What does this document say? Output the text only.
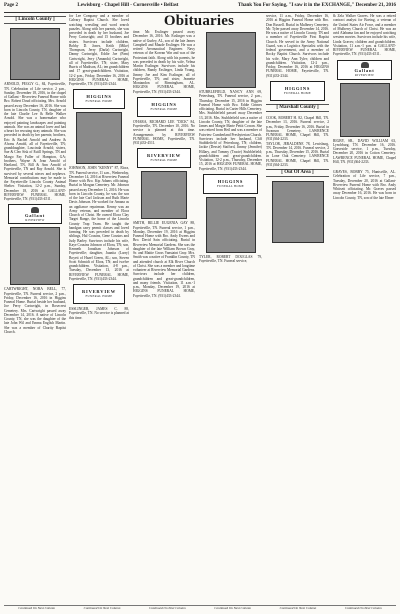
Page 2	Lewisburg - Chapel Hill - Cornersville • Belfast	Thank You For Saying, "I saw it in the EXCHANGE," December 21, 2016
Obituaries
[ Lincoln County ]

ARNOLD, PEGGY G., 84, Fayetteville, TN. Celebration of Life service, 2 p.m., Sunday, December 18, 2016, in the chapel of Gallant - Riverview Funeral Home with Bro. Robert Doud officiating. Mrs. Arnold passed away December 16, 2016. She was born in Lincoln County, TN, daughter of the late Charlie Lee & Belle Walker Arnold. She was a homemaker who enjoyed painting landscapes and painting animals. She was an animal lover and had a heart for rescuing stray animals. She was preceded in death by her parents; brothers, Eric & Rachel Arnold and Andrew & Alvasu Arnold, all of Fayetteville, TN; granddaughter, Loucinda Arnold; sisters, Sue & Cleo Sisk of Estill Springs, TN and Margo Fay Fuller of Hampton, GA; brothers, Wayne & Jean Arnold of Hartland, TN, Bill & Ann Arnold of Fayetteville, TN and Ray Arnold. She is survived by several nieces and nephews. Memorial contributions may be made to the Fayetteville Lincoln County Animal Shelter. Visitation, 12-2 p.m., Sunday, December 18, 2016 at GALLANT-RIVERVIEW FUNERAL HOME, Fayetteville, TN. (931)433-4511.

Gallant
RIVERVIEW

CARTWRIGHT, NORA BELL, 77, Fayetteville, TN. Funeral service, 2 p.m., Friday, December 16, 2016 in Higgins Funeral Home. Burial beside her husband, Joe Perry Cartwright, in Rosecrest Cemetery. Mrs. Cartwright passed away December 14, 2016. A native of Lincoln County, TN, she was the daughter of the late John Wil and Emma English Martin. She was a member of Charity Baptist Church.

for Lee Company and a member of Calvary Baptist Church. She loved watching wrestling and word search puzzles. Along with her parents, she was preceded in death by her husband, Joe Perry Cartwright; and 15 brothers and sisters. Survivors include children, Bobby D. Jones, Keith (Mike) Thompson, Jerry (Darla) Cartwright, Danny Cartwright, Eddie Joe (Pam) Cartwright, Jerry (Amanda) Cartwright, all of Fayetteville, TN; sister, Mary Burris of Madison, AL; ten grandchildren and 17 great-grandchildren. Visitation, 12-2 p.m., Friday, December 16, 2016 at HIGGINS FUNERAL HOME, Fayetteville, TN. (931)433-2344.

HIGGINS
FUNERAL HOME

JOHNSON, JOHN "KENNY" 87, Elora, TN. Funeral service, 11 a.m., Wednesday, December 14, 2016 at Riverview Funeral Home with Bro. Kip Adams officiating. Burial in Morgan Cemetery. Mr. Johnson passed away December 11, 2016. He was born in Lincoln County, he was the son of the late Carl Jackson and Ruth Marie Davis Johnson. He worked for Amana as an appliance repairman. Kenny was an Army veteran, and member of Elora Church of Christ. He owned Elora Clay Target Range, the home of the Lincoln County Trap Team. He taught the handgun carry permit classes and loved farming. He was preceded in death by siblings, Hal Cousins, Gene Cousins and Judy Barley. Survivors include his wife, Kaye Cousins Johnson of Elora, TN; son, Kenneth Jonathan Johnson of Fayetteville; daughter, Juanita (Larry) Boyett of Hazel Green, AL; son, Steven Scott Schmidt of Elora, TN; and twelve grandchildren. Visitation, 4-8 p.m., Tuesday, December 13, 2016 at RIVERVIEW FUNERAL HOME, Fayetteville, TN. (931)433-2344.

RIVERVIEW
FUNERAL HOME

ESSLINGER, JAMES C. 88, Fayetteville, TN. No service is planned at this time.

time. Mr. Esslinger passed away December 16, 2016. Mr. Esslinger was a native of Gurley, AL, son of the late James Campbell and Maude Esslinger. He was a retired Aeronautical Engineer. Navy veteran of the Korean War and was of the Protestant faith. Along with his parents, he was preceded in death by his wife, Velma Martin Esslinger. Survivors include his children, Randy Esslinger, Linda Young, Jimmy Joe and Kim Esslinger, all of Fayetteville, TN; and sister, Jeanette Montandon of Birmingham, AL. HIGGINS FUNERAL HOME, Fayetteville, TN. (931)433-2344.

HIGGINS
FUNERAL HOME

O'HARA, RICHARD LEE "DICK" 84, Fayetteville, TN. December 10, 2016. No service is planned at this time. Arrangements by RIVERVIEW FUNERAL HOME, Fayetteville, TN. (931)433-4511.

RIVERVIEW
FUNERAL HOME

SMITH, BILLIE EUGENIA GAY 88, Fayetteville, TN. Funeral service, 1 p.m., Monday, December 19, 2016 at Higgins Funeral Home with Bro. Andy Ewens and Bro. David Sain officiating. Burial in Riverview Memorial Gardens. She was the daughter of the late William Brown Gray, Sr. and Mattie Gross Vanstaint Gray. Mrs. Smith was a native of Franklin County, TN and attended church at Elk River Church of Christ. She was a member and longtime volunteer at Riverview Memorial Gardens. Survivors include her children, grandchildren and great-grandchildren, and many friends. Visitation, 11 a.m.-1 p.m., Monday, December 19, 2016 at HIGGINS FUNERAL HOME, Fayetteville, TN. (931)433-2344.

STUBBLEFIELD, NANCY ANN 69, Petersburg, TN. Funeral service, 2 p.m., Thursday, December 15, 2016 in Higgins Funeral Home with Bro. Eddie Grimes officiating. Burial in Carter Hills Cemetery. Mrs. Stubblefield passed away December 13, 2016. Mrs. Stubblefield was a native of Lincoln County, TN, daughter of the late James and Margie Marie Pettit Cowan. She was retired from Heil and was a member of Fairview Cumberland Presbyterian Church. Survivors include her husband, Cliff Stubblefield of Petersburg, TN; children, Jackie (Dessie) Stafford, Jimmy (Jennifer) Hillary, and Tommy (Tracie) Stubblefield; grandchildren and great-grandchildren. Visitation, 12-2 p.m., Thursday, December 15, 2016 at HIGGINS FUNERAL HOME, Fayetteville, TN. (931)433-2344.

HIGGINS
FUNERAL HOME

TYLER, ROBERT DOUGLAS 79, Fayetteville, TN. Funeral service,

service, 11 a.m., Friday, December 16, 2016 at Higgins Funeral Home with Bro. Don Russell. Burial in Mulberry Cemetery. Mr. Tyler passed away December 14, 2016. He was a native of Lincoln County, TN and a member of Fayetteville First Baptist Church. He served in the Army National Guard, was a Logistics Specialist with the federal government, and a member of Rocky Baptist Church. Survivors include his wife, Mary Ann Tyler; children and grandchildren. Visitation, 12-2 p.m., Friday, December 16, 2016 at HIGGINS FUNERAL HOME, Fayetteville, TN. (931)433-2344.

HIGGINS
FUNERAL HOME
[ Marshall County ]

COOK, ROBERT H. 82, Chapel Hill, TN. December 13, 2016. Funeral service, 2 p.m., Friday, December 16, 2016. Burial in Swanson Cemetery. LAWRENCE FUNERAL HOME, Chapel Hill, TN. (931)364-2233.

TAYLOR, JERALDENE 78, Lewisburg, TN. December 14, 2016. Funeral service, 2 p.m., Thursday, December 15, 2016. Burial in Lone Oak Cemetery. LAWRENCE FUNERAL HOME, Chapel Hill, TN. (931)364-2233.

[ Out Of Area ]

& Zela Walker Graves. He was a retired contract analyst for Boeing, a veteran of the United States Air Force, and a member of Mulberry Church of Christ. He was an avid Alabama fan and he enjoyed watching western movies. Survivors include his wife, Linda Graves; children and grandchildren. Visitation, 11 a.m.-1 p.m. at GALLANT-RIVERVIEW FUNERAL HOME, Fayetteville, TN. (931)433-4511.

Gallant
RIVERVIEW

RIGBY, SR., DAVID WILLIAM 63, Lynchburg, TN. December 16, 2016. Graveside service, 1 p.m., Tuesday, December 20, 2016 in Cotton Cemetery. LAWRENCE FUNERAL HOME, Chapel Hill, TN. (931)364-2233.

GRAVES, BOBBY 75, Huntsville, AL. Celebration of Life service, 7 p.m., Tuesday, December 20, 2016 at Gallant-Riverview Funeral Home with Bro. Andy Whitsett officiating. Mr. Graves passed away December 16, 2016. He was born in Lincoln County, TN, son of the late Elmer

Continued On Next Column	Continued On Next Column	Continued On Next Column	Continued On Next Column	Continued On Next Column	Continued On Next Column
